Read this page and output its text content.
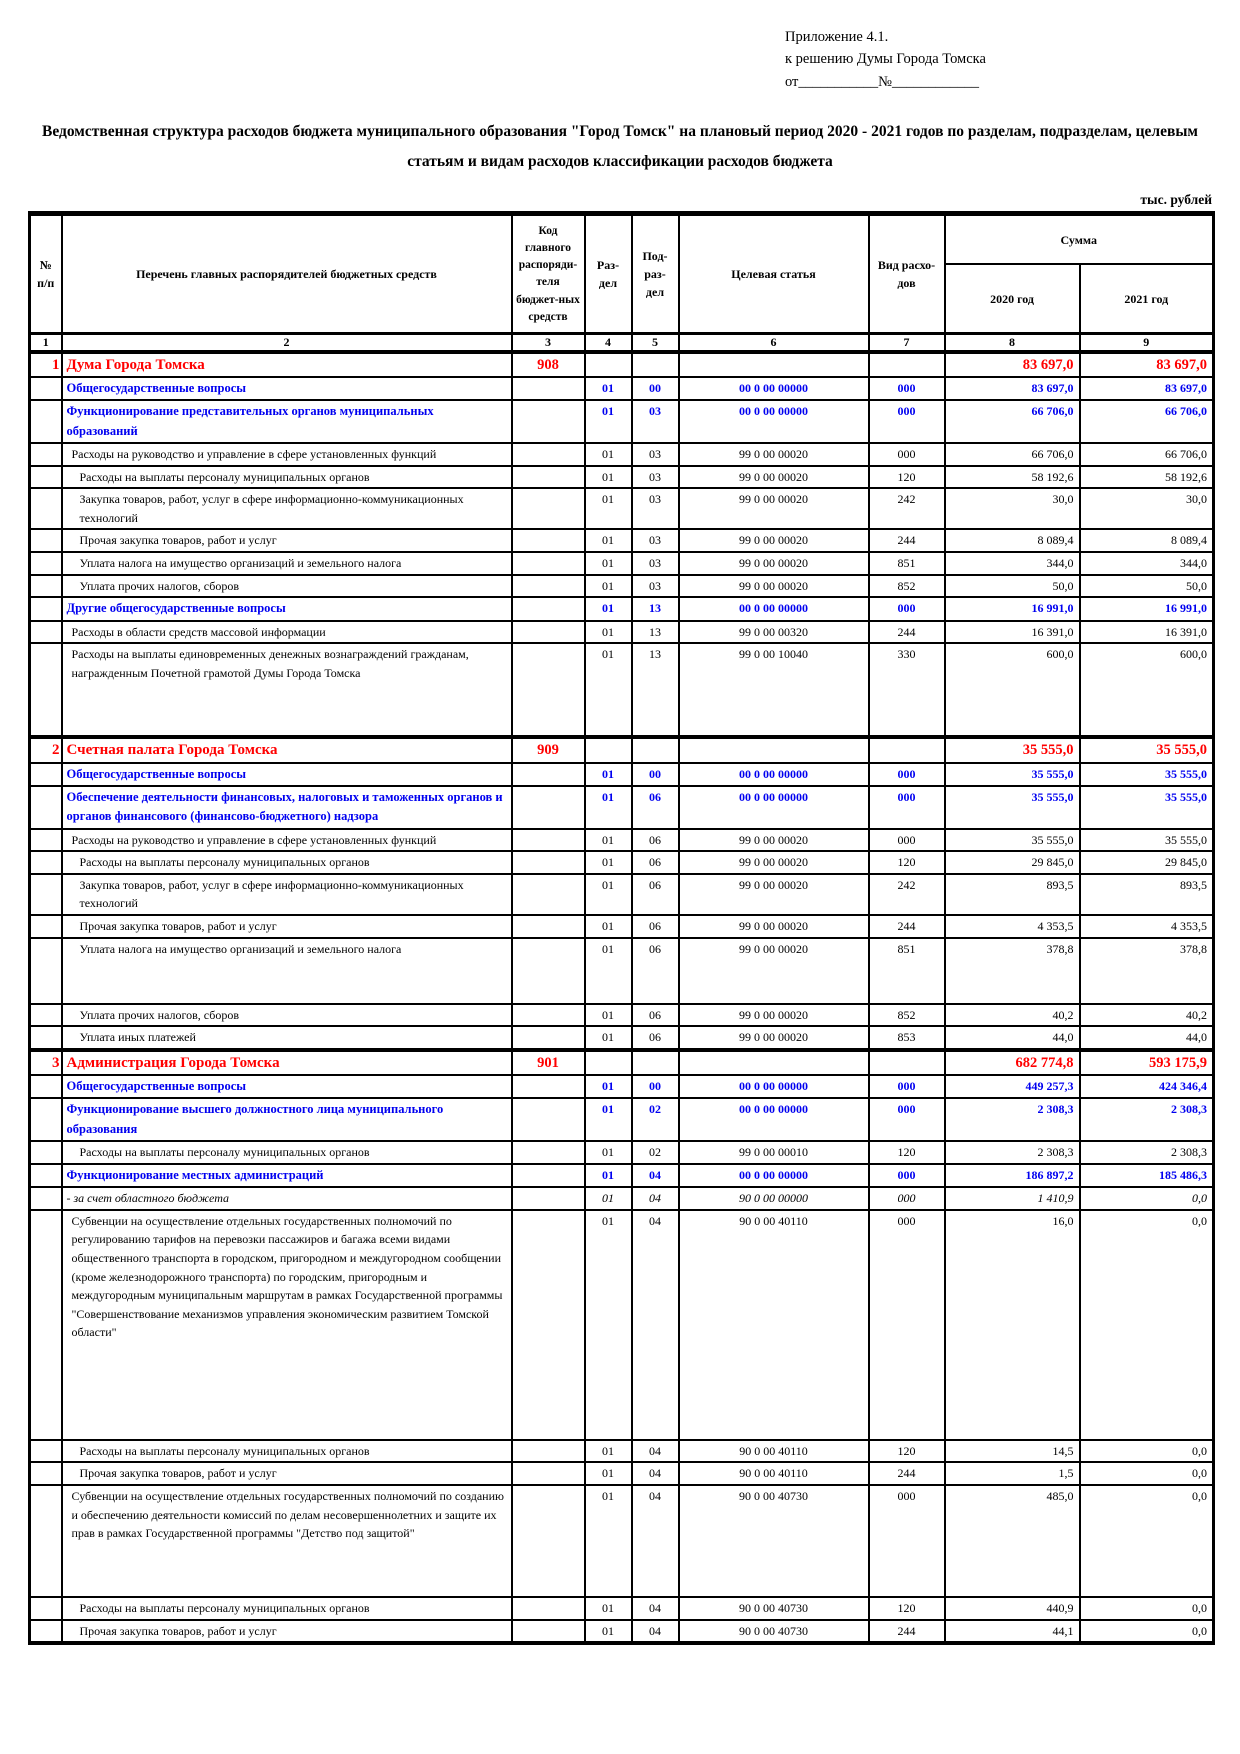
Приложение 4.1.
к решению Думы Города Томска
от___________№____________
Ведомственная структура расходов бюджета муниципального образования "Город Томск" на плановый период 2020 - 2021 годов по разделам, подразделам, целевым статьям и видам расходов классификации расходов бюджета
тыс. рублей
№ п/п	Перечень главных распорядителей бюджетных средств	Код главного распоряди-теля бюджет-ных средств	Раз-дел	Под-раз-дел	Целевая статья	Вид расхо-дов	Сумма	
							2020 год	2021 год
1	2	3	4	5	6	7	8	9
1	Дума Города Томска	908					83 697,0	83 697,0
	Общегосударственные вопросы		01	00	00 0 00 00000	000	83 697,0	83 697,0
	Функционирование представительных органов муниципальных образований		01	03	00 0 00 00000	000	66 706,0	66 706,0
	Расходы на руководство и управление в сфере установленных функций		01	03	99 0 00 00020	000	66 706,0	66 706,0
	Расходы на выплаты персоналу муниципальных органов		01	03	99 0 00 00020	120	58 192,6	58 192,6
	Закупка товаров, работ, услуг в сфере информационно-коммуникационных технологий		01	03	99 0 00 00020	242	30,0	30,0
	Прочая закупка товаров, работ и услуг		01	03	99 0 00 00020	244	8 089,4	8 089,4
	Уплата налога на имущество организаций и земельного налога		01	03	99 0 00 00020	851	344,0	344,0
	Уплата прочих налогов, сборов		01	03	99 0 00 00020	852	50,0	50,0
	Другие общегосударственные вопросы		01	13	00 0 00 00000	000	16 991,0	16 991,0
	Расходы в области средств массовой информации		01	13	99 0 00 00320	244	16 391,0	16 391,0
	Расходы на выплаты единовременных денежных вознаграждений гражданам, награжденным Почетной грамотой Думы Города Томска		01	13	99 0 00 10040	330	600,0	600,0
2	Счетная палата Города Томска	909					35 555,0	35 555,0
	Общегосударственные вопросы		01	00	00 0 00 00000	000	35 555,0	35 555,0
	Обеспечение деятельности финансовых, налоговых и таможенных органов и органов финансового (финансово-бюджетного) надзора		01	06	00 0 00 00000	000	35 555,0	35 555,0
	Расходы на руководство и управление в сфере установленных функций		01	06	99 0 00 00020	000	35 555,0	35 555,0
	Расходы на выплаты персоналу муниципальных органов		01	06	99 0 00 00020	120	29 845,0	29 845,0
	Закупка товаров, работ, услуг в сфере информационно-коммуникационных технологий		01	06	99 0 00 00020	242	893,5	893,5
	Прочая закупка товаров, работ и услуг		01	06	99 0 00 00020	244	4 353,5	4 353,5
	Уплата налога на имущество организаций и земельного налога		01	06	99 0 00 00020	851	378,8	378,8
	Уплата прочих налогов, сборов		01	06	99 0 00 00020	852	40,2	40,2
	Уплата иных платежей		01	06	99 0 00 00020	853	44,0	44,0
3	Администрация Города Томска	901					682 774,8	593 175,9
	Общегосударственные вопросы		01	00	00 0 00 00000	000	449 257,3	424 346,4
	Функционирование высшего должностного лица муниципального образования		01	02	00 0 00 00000	000	2 308,3	2 308,3
	Расходы на выплаты персоналу муниципальных органов		01	02	99 0 00 00010	120	2 308,3	2 308,3
	Функционирование местных администраций		01	04	00 0 00 00000	000	186 897,2	185 486,3
	- за счет областного бюджета		01	04	90 0 00 00000	000	1 410,9	0,0
	Субвенции на осуществление отдельных государственных полномочий по регулированию тарифов на перевозки пассажиров и багажа всеми видами общественного транспорта в городском, пригородном и междугородном сообщении (кроме железнодорожного транспорта) по городским, пригородным и междугородным муниципальным маршрутам в рамках Государственной программы "Совершенствование механизмов управления экономическим развитием Томской области"		01	04	90 0 00 40110	000	16,0	0,0
	Расходы на выплаты персоналу муниципальных органов		01	04	90 0 00 40110	120	14,5	0,0
	Прочая закупка товаров, работ и услуг		01	04	90 0 00 40110	244	1,5	0,0
	Субвенции на осуществление отдельных государственных полномочий по созданию и обеспечению деятельности комиссий по делам несовершеннолетних и защите их прав в рамках Государственной программы "Детство под защитой"		01	04	90 0 00 40730	000	485,0	0,0
	Расходы на выплаты персоналу муниципальных органов		01	04	90 0 00 40730	120	440,9	0,0
	Прочая закупка товаров, работ и услуг		01	04	90 0 00 40730	244	44,1	0,0
